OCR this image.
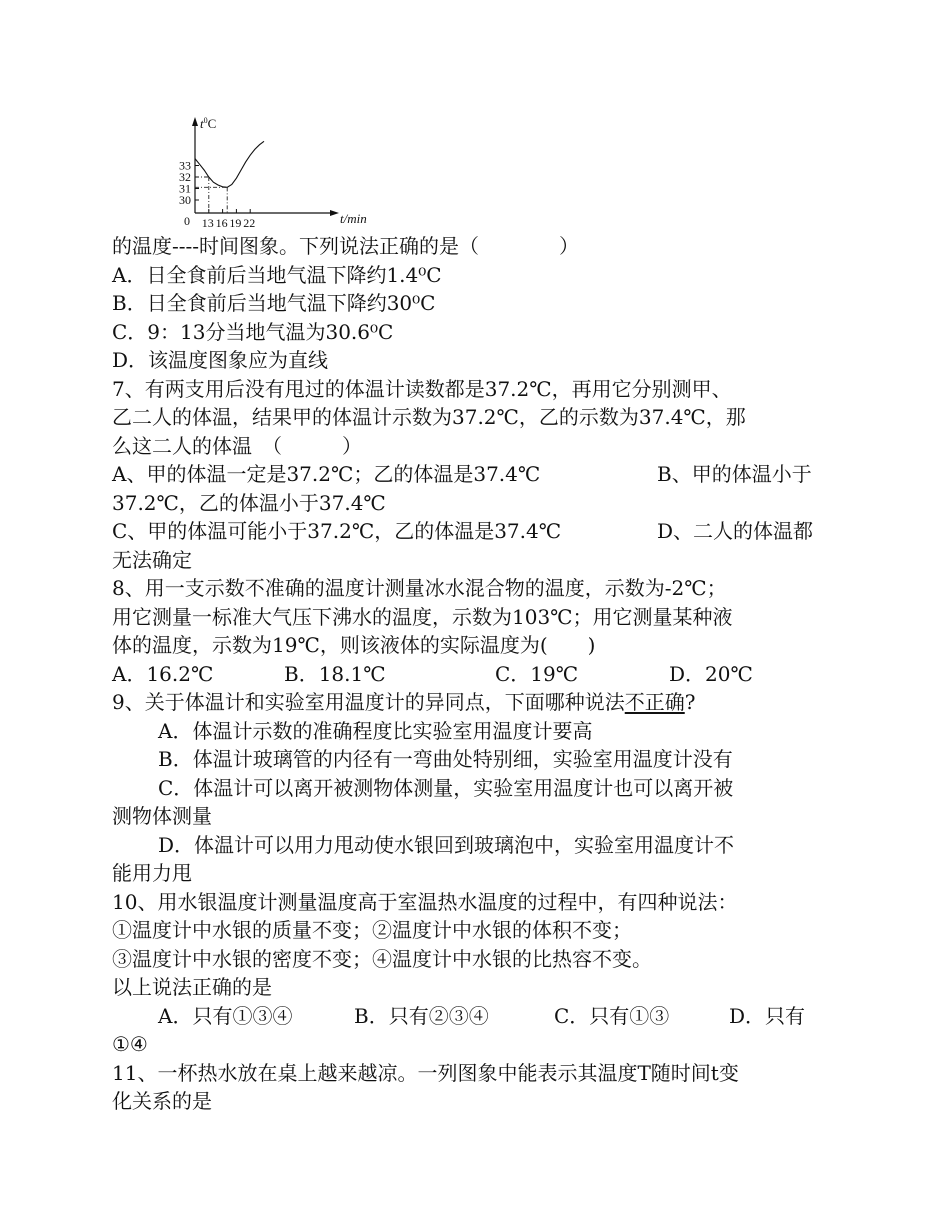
30
31
32
33
13 16 19 22
$t^0C$
t/min
0

的温度----时间图象。下列说法正确的是（　　　　）

A．日全食前后当地气温下降约1.4⁰C

B．日全食前后当地气温下降约30⁰C

C．9：13分当地气温为30.6⁰C

D．该温度图象应为直线

7、有两支用后没有甩过的体温计读数都是37.2℃，再用它分别测甲、

乙二人的体温，结果甲的体温计示数为37.2℃，乙的示数为37.4℃，那

么这二人的体温　（　　　）

A、甲的体温一定是37.2℃；乙的体温是37.4℃	B、甲的体温小于

37.2℃，乙的体温小于37.4℃

C、甲的体温可能小于37.2℃，乙的体温是37.4℃	D、二人的体温都

无法确定

8、用一支示数不准确的温度计测量冰水混合物的温度，示数为-2℃；

用它测量一标准大气压下沸水的温度，示数为103℃；用它测量某种液

体的温度，示数为19℃，则该液体的实际温度为(　　)

A．16.2℃	B．18.1℃	C．19℃	D．20℃

9、关于体温计和实验室用温度计的异同点，下面哪种说法不正确?

A．体温计示数的准确程度比实验室用温度计要高

B．体温计玻璃管的内径有一弯曲处特别细，实验室用温度计没有

C．体温计可以离开被测物体测量，实验室用温度计也可以离开被

测物体测量

D．体温计可以用力甩动使水银回到玻璃泡中，实验室用温度计不

能用力甩

10、用水银温度计测量温度高于室温热水温度的过程中，有四种说法：

①温度计中水银的质量不变；②温度计中水银的体积不变；

③温度计中水银的密度不变；④温度计中水银的比热容不变。

以上说法正确的是

A．只有①③④	B．只有②③④	C．只有①③	D．只有

①④

11、一杯热水放在桌上越来越凉。一列图象中能表示其温度T随时间t变

化关系的是
